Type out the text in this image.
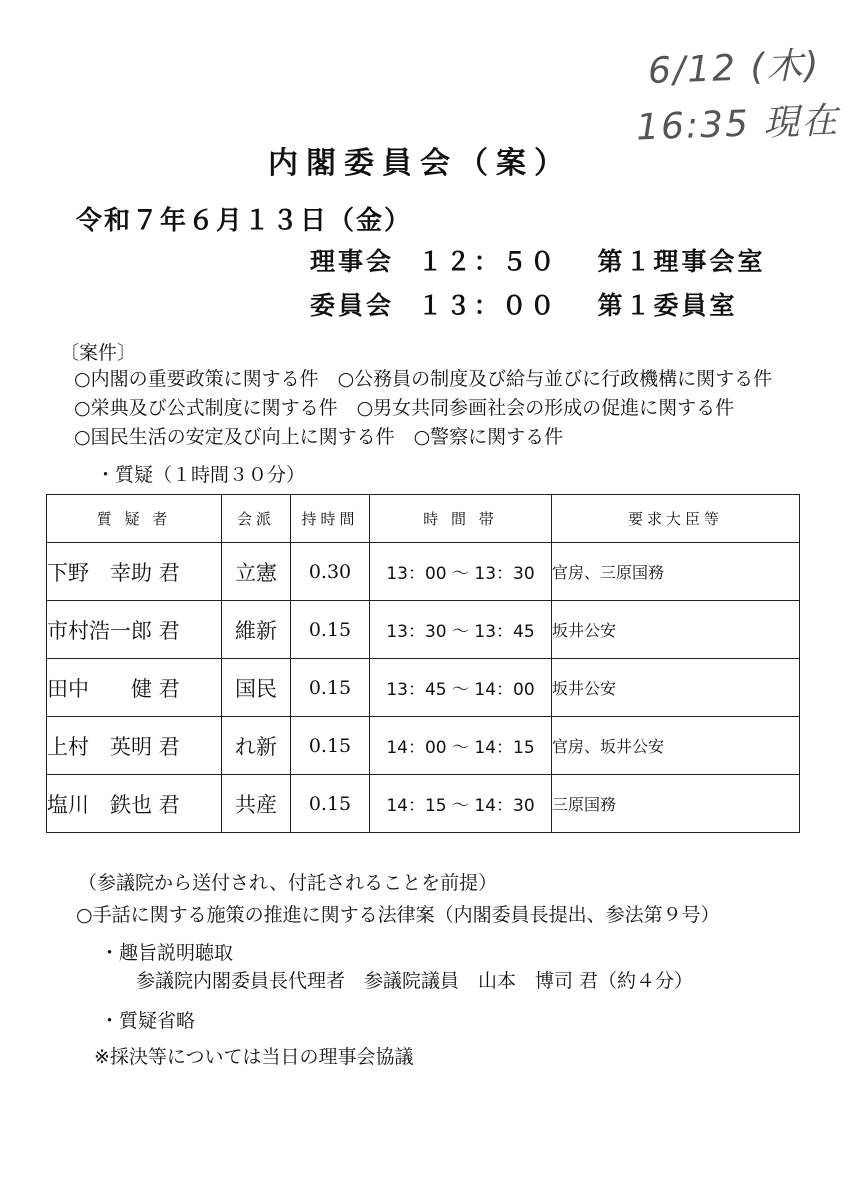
6/12 (木)
16:35 現在
内閣委員会（案）
令和７年６月１３日（金）
理事会 １２：５０ 第１理事会室
委員会 １３：００ 第１委員室
〔案件〕
○内閣の重要政策に関する件　○公務員の制度及び給与並びに行政機構に関する件
○栄典及び公式制度に関する件　○男女共同参画社会の形成の促進に関する件
○国民生活の安定及び向上に関する件　○警察に関する件
・質疑（１時間３０分）
質 疑 者	会派	持時間	時 間 帯	要求大臣等
下野　幸助 君	立憲	0.30	13：00 ～ 13：30	官房、三原国務
市村浩一郎 君	維新	0.15	13：30 ～ 13：45	坂井公安
田中　　健 君	国民	0.15	13：45 ～ 14：00	坂井公安
上村　英明 君	れ新	0.15	14：00 ～ 14：15	官房、坂井公安
塩川　鉄也 君	共産	0.15	14：15 ～ 14：30	三原国務
（参議院から送付され、付託されることを前提）
○手話に関する施策の推進に関する法律案（内閣委員長提出、参法第９号）
・趣旨説明聴取
参議院内閣委員長代理者　参議院議員　山本　博司 君（約４分）
・質疑省略
※採決等については当日の理事会協議
